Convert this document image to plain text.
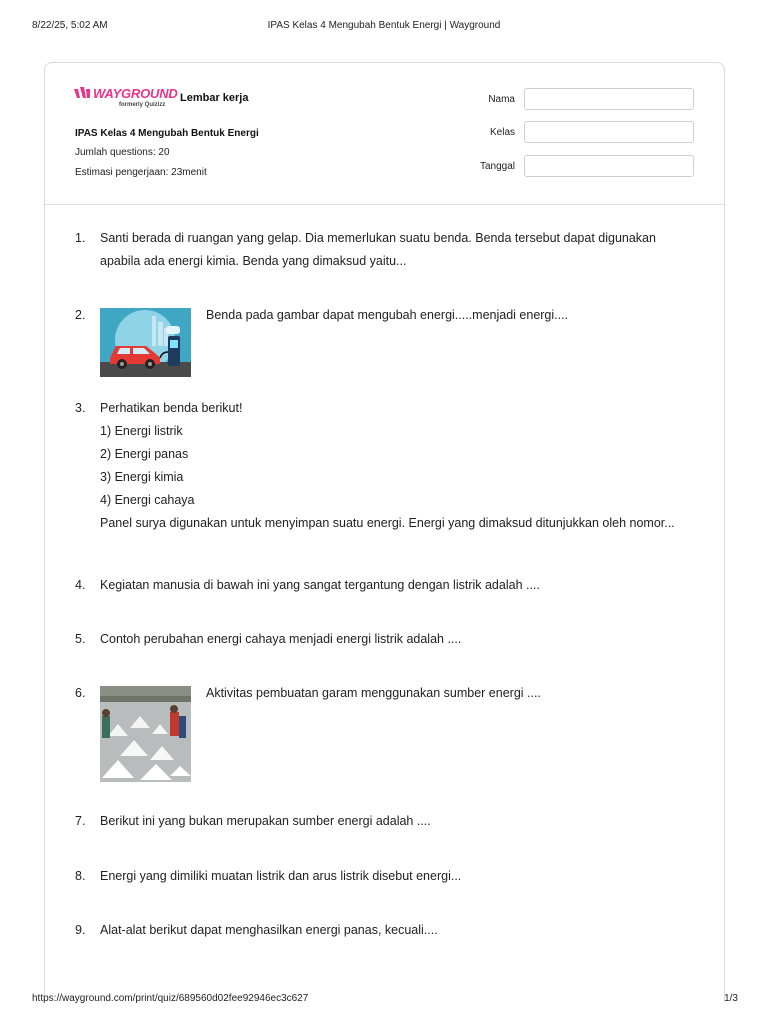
8/22/25, 5:02 AM	IPAS Kelas 4 Mengubah Bentuk Energi | Wayground
WAYGROUND
formerly Quizizz
Lembar kerja
IPAS Kelas 4 Mengubah Bentuk Energi
Jumlah questions: 20
Estimasi pengerjaan: 23menit
Nama
Kelas
Tanggal
1.	Santi berada di ruangan yang gelap. Dia memerlukan suatu benda. Benda tersebut dapat digunakan
apabila ada energi kimia. Benda yang dimaksud yaitu...
2.	Benda pada gambar dapat mengubah energi.....menjadi energi....
3.	Perhatikan benda berikut!
1) Energi listrik
2) Energi panas
3) Energi kimia
4) Energi cahaya
Panel surya digunakan untuk menyimpan suatu energi. Energi yang dimaksud ditunjukkan oleh nomor...
4.	Kegiatan manusia di bawah ini yang sangat tergantung dengan listrik adalah ....
5.	Contoh perubahan energi cahaya menjadi energi listrik adalah ....
6.	Aktivitas pembuatan garam menggunakan sumber energi ....
7.	Berikut ini yang bukan merupakan sumber energi adalah ....
8.	Energi yang dimiliki muatan listrik dan arus listrik disebut energi...
9.	Alat-alat berikut dapat menghasilkan energi panas, kecuali....
https://wayground.com/print/quiz/689560d02fee92946ec3c627	1/3
